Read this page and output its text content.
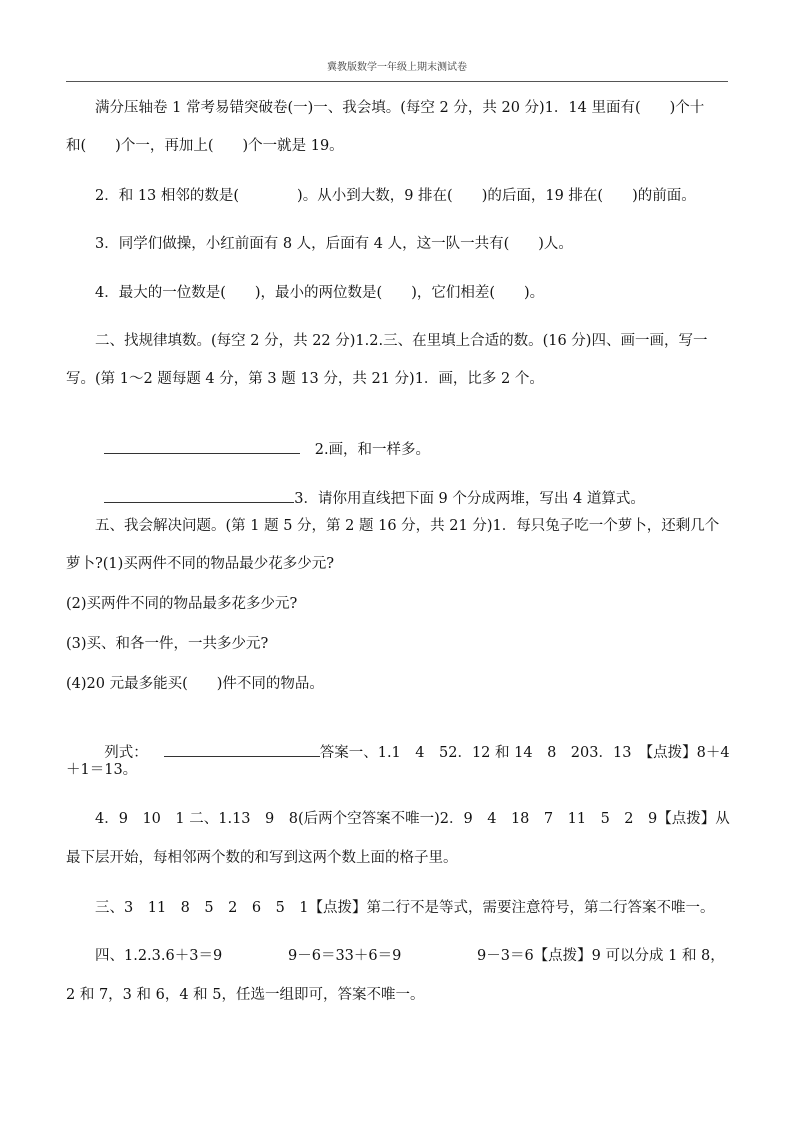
冀教版数学一年级上期末测试卷
满分压轴卷 1 常考易错突破卷(一)一、我会填。(每空 2 分，共 20 分)1．14 里面有(　　)个十
和(　　)个一，再加上(　　)个一就是 19。
2．和 13 相邻的数是(　　　　)。从小到大数，9 排在(　　)的后面，19 排在(　　)的前面。
3．同学们做操，小红前面有 8 人，后面有 4 人，这一队一共有(　　)人。
4．最大的一位数是(　　)，最小的两位数是(　　)，它们相差(　　)。
二、找规律填数。(每空 2 分，共 22 分)1.2.三、在里填上合适的数。(16 分)四、画一画，写一
写。(第 1～2 题每题 4 分，第 3 题 13 分，共 21 分)1．画，比多 2 个。

　2.画，和一样多。

3．请你用直线把下面 9 个分成两堆，写出 4 道算式。

五、我会解决问题。(第 1 题 5 分，第 2 题 16 分，共 21 分)1．每只兔子吃一个萝卜，还剩几个
萝卜?(1)买两件不同的物品最少花多少元?
(2)买两件不同的物品最多花多少元?
(3)买、和各一件，一共多少元?
(4)20 元最多能买(　　)件不同的物品。

列式：	答案一、1.1　4　52．12 和 14　8　203．13　【点拨】8＋4

＋1＝13。
4．9　10　1 二、1.13　9　8(后两个空答案不唯一)2．9　4　18　7　11　5　2　9【点拨】从
最下层开始，每相邻两个数的和写到这两个数上面的格子里。
三、3　11　8　5　2　6　5　1【点拨】第二行不是等式，需要注意符号，第二行答案不唯一。
四、1.2.3.6＋3＝9	9－6＝33＋6＝9	9－3＝6【点拨】9 可以分成 1 和 8，
2 和 7，3 和 6，4 和 5，任选一组即可，答案不唯一。
